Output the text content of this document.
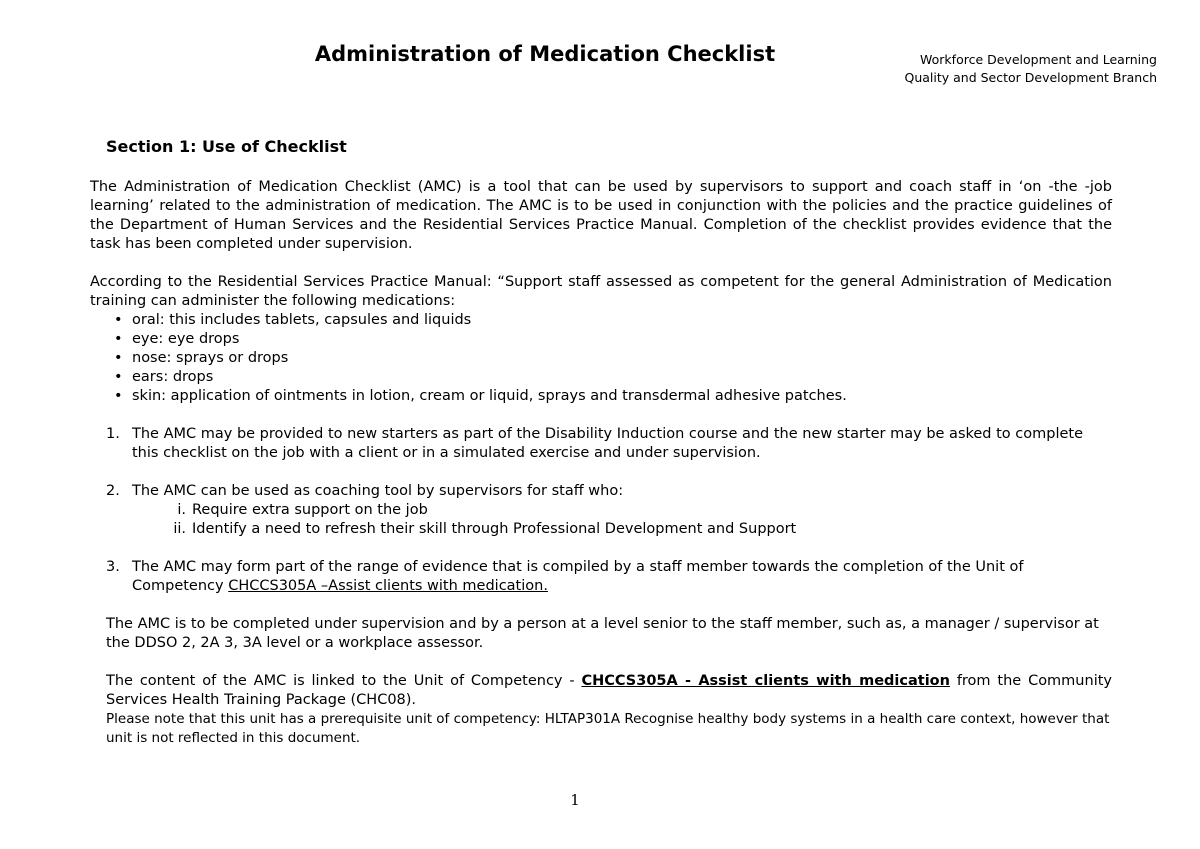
Administration of Medication Checklist	Workforce Development and Learning
Quality and Sector Development Branch
Section 1: Use of Checklist

The Administration of Medication Checklist (AMC) is a tool that can be used by supervisors to support and coach staff in ‘on -the -job learning’ related to the administration of medication. The AMC is to be used in conjunction with the policies and the practice guidelines of the Department of Human Services and the Residential Services Practice Manual. Completion of the checklist provides evidence that the task has been completed under supervision.

According to the Residential Services Practice Manual: “Support staff assessed as competent for the general Administration of Medication training can administer the following medications:

• oral: this includes tablets, capsules and liquids
• eye: eye drops
• nose: sprays or drops
• ears: drops
• skin: application of ointments in lotion, cream or liquid, sprays and transdermal adhesive patches.
1. The AMC may be provided to new starters as part of the Disability Induction course and the new starter may be asked to complete this checklist on the job with a client or in a simulated exercise and under supervision.
2. The AMC can be used as coaching tool by supervisors for staff who:
i. Require extra support on the job
ii. Identify a need to refresh their skill through Professional Development and Support
3. The AMC may form part of the range of evidence that is compiled by a staff member towards the completion of the Unit of Competency CHCCS305A –Assist clients with medication.

The AMC is to be completed under supervision and by a person at a level senior to the staff member, such as, a manager / supervisor at the DDSO 2, 2A 3, 3A level or a workplace assessor.

The content of the AMC is linked to the Unit of Competency - CHCCS305A - Assist clients with medication from the Community Services Health Training Package (CHC08).

Please note that this unit has a prerequisite unit of competency: HLTAP301A Recognise healthy body systems in a health care context, however that unit is not reflected in this document.

1
